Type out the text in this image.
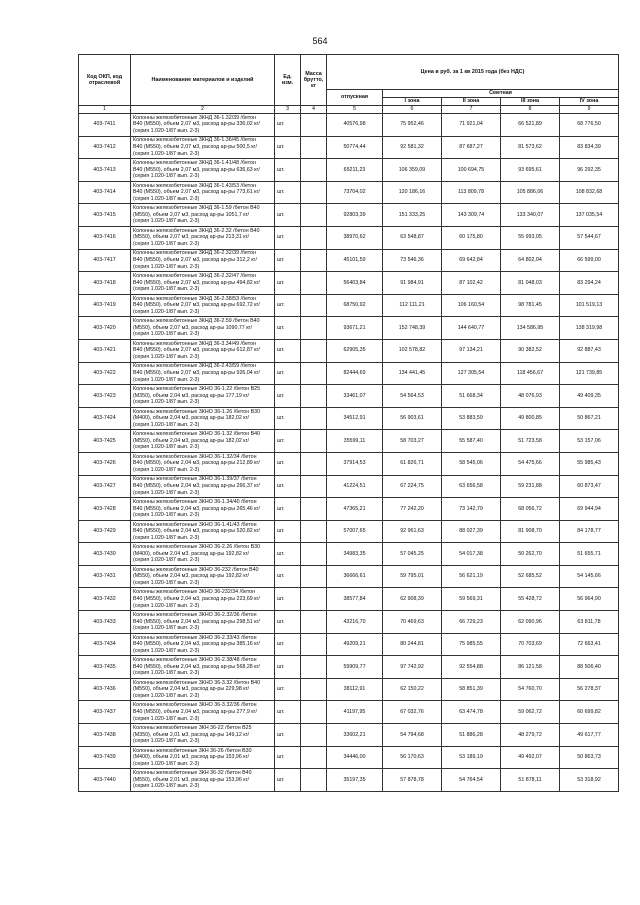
564
Код ОКП, код отраслевой	Наименование материалов и изделий	Ед. изм.	Масса брутто, кг	Цена в руб. за 1 кв 2015 года (без НДС)				
				отпускная	Сметная			
					I зона	II зона	III зона	IV зона
1	2	3	4	5	6	7	8	9
403-7411	Колонны железобетонные 3КНД 36-1.32/39 /бетон
В40 (М550), объем 2,07 м3, расход ар-ры 336,02 кг/
(серия 1.020-1/87 вып. 2-3)	шт.		40576,98	75 952,46	71 921,04	66 521,89	68 776,50
403-7412	Колонны железобетонные 3КНД 36-1.36/45 /бетон
В40 (М550), объем 2,07 м3, расход ар-ры 500,5 кг/
(серия 1.020-1/87 вып. 2-3)	шт.		50774,44	92 581,32	87 687,27	81 573,62	83 834,39
403-7413	Колонны железобетонные 3КНД 36-1.41/48 /бетон
В40 (М550), объем 2,07 м3, расход ар-ры 636,63 кг/
(серия 1.020-1/87 вып. 2-3)	шт.		65211,23	106 359,09	100 694,75	93 695,61	96 292,35
403-7414	Колонны железобетонные 3КНД 36-1.43/53 /бетон
В40 (М550), объем 2,07 м3, расход ар-ры 773,61 кг/
(серия 1.020-1/87 вып. 2-3)	шт.		73704,02	120 186,16	113 809,78	105 886,06	108 832,68
403-7415	Колонны железобетонные 3КНД 36-1.59 /бетон В40
(М550), объем 2,07 м3, расход ар-ры 1051,7 кг/
(серия 1.020-1/87 вып. 2-3)	шт.		92803,39	151 333,25	143 309,74	133 340,07	137 035,54
403-7416	Колонны железобетонные 3КНД 36-2.32 /бетон В40
(М550), объем 2,07 м3, расход ар-ры 213,31 кг/
(серия 1.020-1/87 вып. 2-3)	шт.		38970,62	63 548,87	60 175,80	55 993,05	57 544,67
403-7417	Колонны железобетонные 3КНД 36-2.32/39 /бетон
В40 (М550), объем 2,07 м3, расход ар-ры 312,2 кг/
(серия 1.020-1/87 вып. 2-3)	шт.		45101,59	73 546,36	69 642,84	64 802,04	66 599,00
403-7418	Колонны железобетонные 3КНД 36-2.32/47 /бетон
В40 (М550), объем 2,07 м3, расход ар-ры 494,82 кг/
(серия 1.020-1/87 вып. 2-3)	шт.		56403,84	91 984,91	87 102,42	81 048,03	83 294,24
403-7419	Колонны железобетонные 3КНД 36-2.38/53 /бетон
В40 (М550), объем 2,07 м3, расход ар-ры 692,72 кг/
(серия 1.020-1/87 вып. 2-3)	шт.		68750,92	112 111,21	106 160,54	98 781,45	101 519,13
403-7420	Колонны железобетонные 3КНД 36-2.59 /бетон В40
(М550), объем 2,07 м3, расход ар-ры 1090,77 кг/
(серия 1.020-1/87 вып. 2-3)	шт.		93671,21	152 748,39	144 640,77	134 586,95	138 319,98
403-7421	Колонны железобетонные 3КНД 36-3.34/49 /бетон
В40 (М550), объем 2,07 м3, расход ар-ры 612,87 кг/
(серия 1.020-1/87 вып. 2-3)	шт.		62905,35	102 578,82	97 134,21	90 382,52	92 887,43
403-7422	Колонны железобетонные 3КНД 36-2.43/59 /бетон
В40 (М550), объем 2,07 м3, расход ар-ры 926,04 кг/
(серия 1.020-1/87 вып. 2-3)	шт.		82444,69	134 441,45	127 305,54	118 456,67	121 739,85
403-7423	Колонны железобетонные 3КНО 36-1.22 /бетон В25
(М350), объем 2,04 м3, расход ар-ры 177,19 кг/
(серия 1.020-1/87 вып. 2-3)	шт.		33461,07	54 564,53	51 668,34	48 076,93	49 409,35
403-7424	Колонны железобетонные 3КНО 36-1.26 /бетон В30
(М400), объем 2,04 м3, расход ар-ры 182,02 кг/
(серия 1.020-1/87 вып. 2-3)	шт.		34512,91	56 903,61	53 883,59	49 800,85	50 867,21
403-7425	Колонны железобетонные 3КНО 36-1.32 /бетон В40
(М550), объем 2,04 м3, расход ар-ры 182,02 кг/
(серия 1.020-1/87 вып. 2-3)	шт.		35599,11	58 703,27	55 587,40	51 723,58	53 157,06
403-7426	Колонны железобетонные 3КНО 36-1.32/34 /бетон
В40 (М550), объем 2,04 м3, расход ар-ры 212,89 кг/
(серия 1.020-1/87 вып. 2-3)	шт.		37914,53	61 826,71	58 545,06	54 475,66	55 985,43
403-7427	Колонны железобетонные 3КНО 36-1.39/37 /бетон
В40 (М550), объем 2,04 м3, расход ар-ры 266,37 кг/
(серия 1.020-1/87 вып. 2-3)	шт.		41224,51	67 224,75	63 656,58	59 231,88	60 873,47
403-7428	Колонны железобетонные 3КНО 36-1.34/40 /бетон
В40 (М550), объем 2,04 м3, расход ар-ры 265,46 кг/
(серия 1.020-1/87 вып. 2-3)	шт.		47365,21	77 242,20	73 142,79	68 056,72	69 944,94
403-7429	Колонны железобетонные 3КНО 36-1.41/43 /бетон
В40 (М550), объем 2,04 м3, расход ар-ры 520,82 кг/
(серия 1.020-1/87 вып. 2-3)	шт.		57007,65	92 961,63	88 027,39	81 908,70	84 178,77
403-7430	Колонны железобетонные 3КНО 36-2.26 /бетон В30
(М400), объем 2,04 м3, расход ар-ры 192,82 кг/
(серия 1.020-1/87 вып. 2-3)	шт.		34983,35	57 045,25	54 017,38	50 262,70	51 655,71
403-7431	Колонны железобетонные 3КНО 36-232 /бетон В40
(М550), объем 2,04 м3, расход ар-ры 192,82 кг/
(серия 1.020-1/87 вып. 2-3)	шт.		36666,61	59 795,01	56 621,19	52 685,52	54 145,66
403-7432	Колонны железобетонные 3КНО 36-232/34 /бетон
В40 (М550), объем 2,04 м3, расход ар-ры 223,69 кг/
(серия 1.020-1/87 вып. 2-3)	шт.		38577,84	62 908,39	59 569,31	55 428,72	56 964,90
403-7433	Колонны железобетонные 3КНО 36-2.32/36 /бетон
В40 (М550), объем 2,04 м3, расход ар-ры 298,51 кг/
(серия 1.020-1/87 вып. 2-3)	шт.		43216,70	70 469,63	66 729,23	62 090,96	63 811,78
403-7434	Колонны железобетонные 3КНО 36-2.33/43 /бетон
В40 (М550), объем 2,04 м3, расход ар-ры 385,16 кг/
(серия 1.020-1/87 вып. 2-3)	шт.		49209,21	80 244,81	75 985,55	70 703,69	72 663,41
403-7435	Колонны железобетонные 3КНО 36-2.38/48 /бетон
В40 (М550), объем 2,04 м3, расход ар-ры 568,28 кг/
(серия 1.020-1/87 вып. 2-3)	шт.		59909,77	97 742,92	92 554,88	86 121,58	88 506,40
403-7436	Колонны железобетонные 3КНО 36-3.32 /бетон В40
(М550), объем 2,04 м3, расход ар-ры 229,98 кг/
(серия 1.020-1/87 вып. 2-3)	шт.		38112,91	62 150,22	58 851,39	54 760,70	56 278,37
403-7437	Колонны железобетонные 3КНО 36-3.32/36 /бетон
В40 (М550), объем 2,04 м3, расход ар-ры 277,9 кг/
(серия 1.020-1/87 вып. 2-3)	шт.		41197,95	67 032,76	63 474,78	59 062,72	60 699,82
403-7438	Колонны железобетонные 3КН 36-22 /бетон В25
(М350), объем 2,01 м3, расход ар-ры 149,12 кг/
(серия 1.020-1/87 вып. 2-3)	шт.		33602,21	54 794,68	51 886,28	48 279,72	49 617,77
403-7439	Колонны железобетонные 3КН 36-26 /бетон В30
(М400), объем 2,01 м3, расход ар-ры 153,96 кг/
(серия 1.020-1/87 вып. 2-3)	шт.		34446,00	56 170,63	53 189,19	49 492,07	50 863,73
403-7440	Колонны железобетонные 3КН 36-32 /бетон В40
(М550), объем 2,01 м3, расход ар-ры 153,96 кг/
(серия 1.020-1/87 вып. 2-3)	шт.		35197,35	57 878,78	54 764,54	51 878,11	53 318,92
